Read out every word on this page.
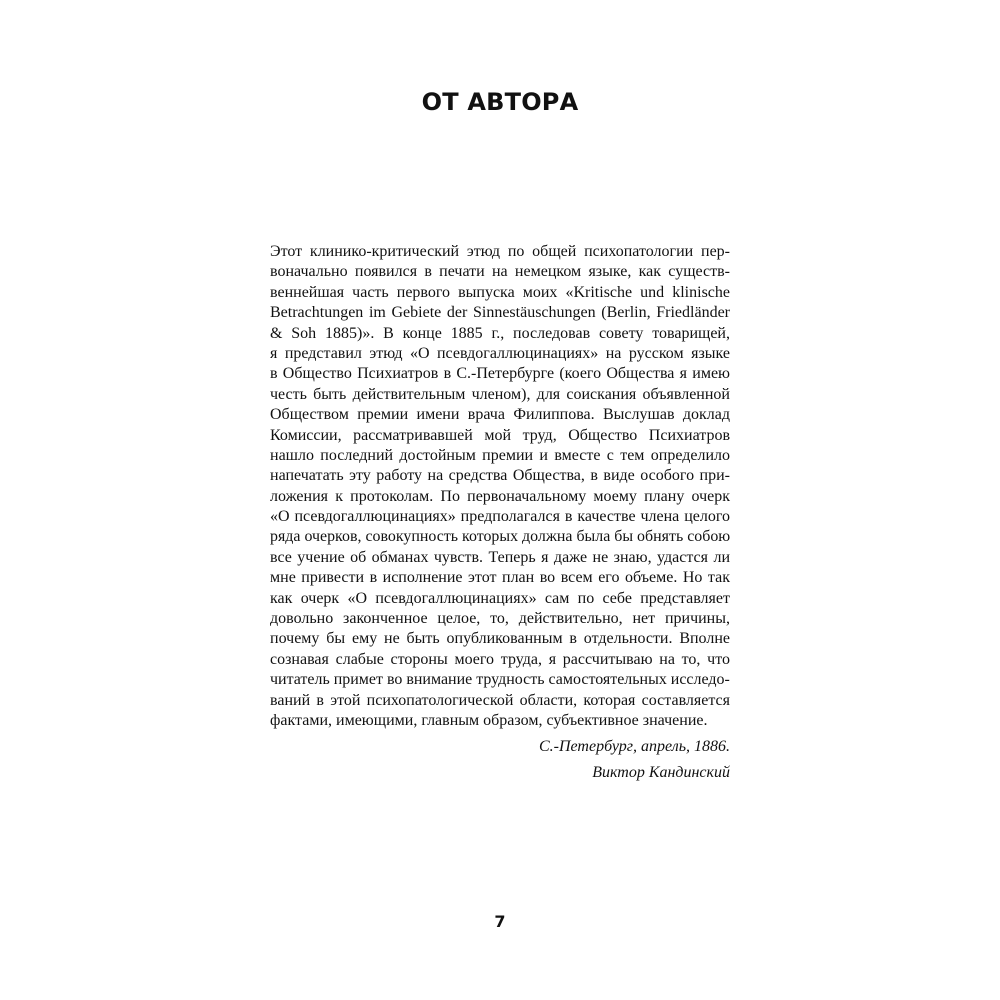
ОТ АВТОРА
Этот клинико-критический этюд по общей психопатологии пер-
воначально появился в печати на немецком языке, как существ-
веннейшая часть первого выпуска моих «Kritische und klinische
Betrachtungen im Gebiete der Sinnestäuschungen (Berlin, Friedländer
& Soh 1885)». В конце 1885 г., последовав совету товарищей,
я представил этюд «О псевдогаллюцинациях» на русском языке
в Общество Психиатров в С.-Петербурге (коего Общества я имею
честь быть действительным членом), для соискания объявленной
Обществом премии имени врача Филиппова. Выслушав доклад
Комиссии, рассматривавшей мой труд, Общество Психиатров
нашло последний достойным премии и вместе с тем определило
напечатать эту работу на средства Общества, в виде особого при-
ложения к протоколам. По первоначальному моему плану очерк
«О псевдогаллюцинациях» предполагался в качестве члена целого
ряда очерков, совокупность которых должна была бы обнять собою
все учение об обманах чувств. Теперь я даже не знаю, удастся ли
мне привести в исполнение этот план во всем его объеме. Но так
как очерк «О псевдогаллюцинациях» сам по себе представляет
довольно законченное целое, то, действительно, нет причины,
почему бы ему не быть опубликованным в отдельности. Вполне
сознавая слабые стороны моего труда, я рассчитываю на то, что
читатель примет во внимание трудность самостоятельных исследо-
ваний в этой психопатологической области, которая составляется
фактами, имеющими, главным образом, субъективное значение.
С.-Петербург, апрель, 1886.
Виктор Кандинский
7
